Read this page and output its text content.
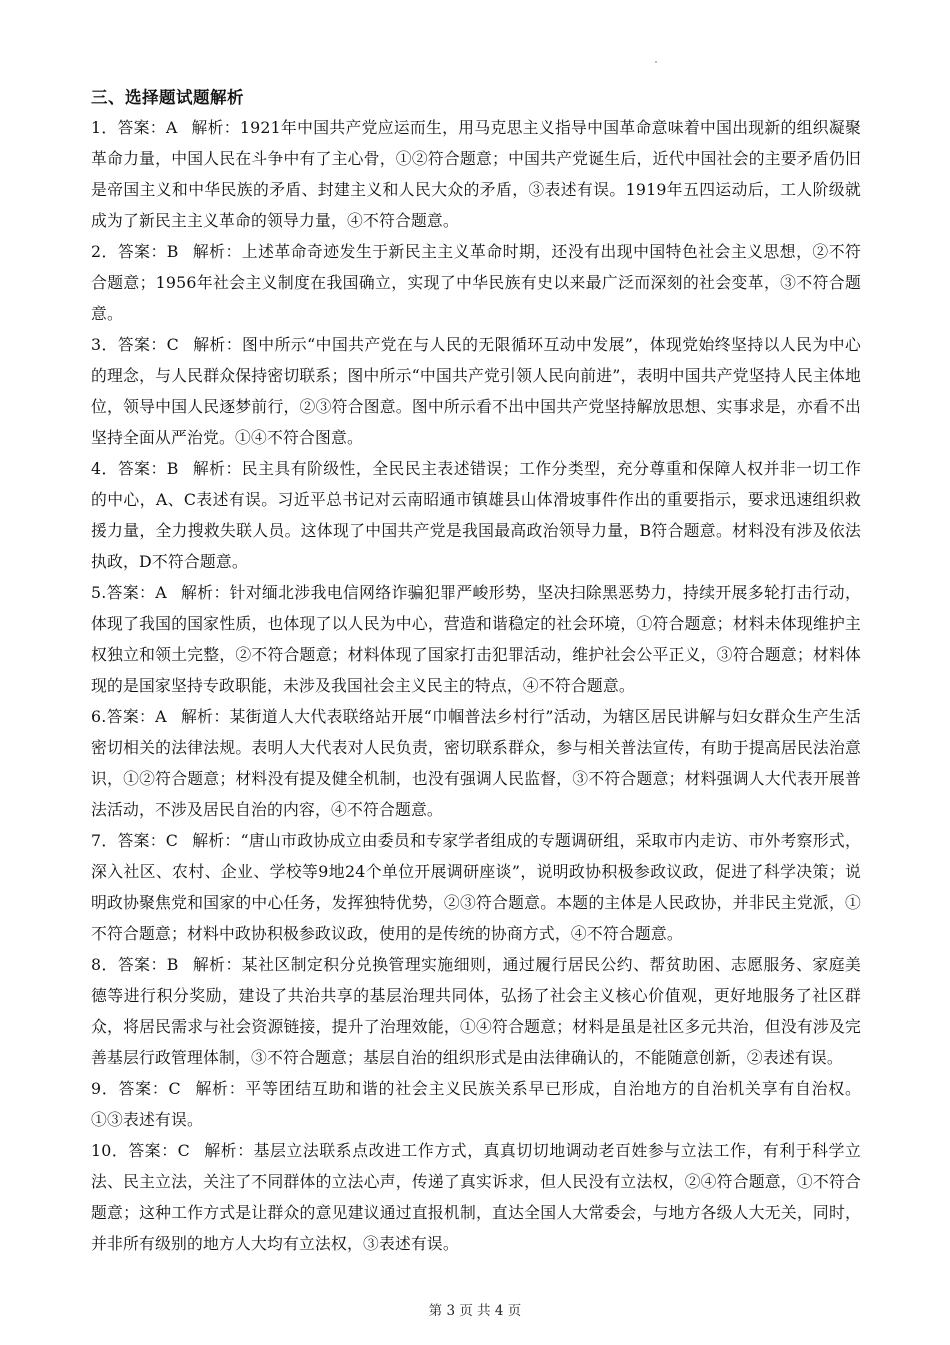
三、选择题试题解析

1．答案：A 解析：1921年中国共产党应运而生，用马克思主义指导中国革命意味着中国出现新的组织凝聚革命力量，中国人民在斗争中有了主心骨，①②符合题意；中国共产党诞生后，近代中国社会的主要矛盾仍旧是帝国主义和中华民族的矛盾、封建主义和人民大众的矛盾，③表述有误。1919年五四运动后，工人阶级就成为了新民主主义革命的领导力量，④不符合题意。

2．答案：B 解析：上述革命奇迹发生于新民主主义革命时期，还没有出现中国特色社会主义思想，②不符合题意；1956年社会主义制度在我国确立，实现了中华民族有史以来最广泛而深刻的社会变革，③不符合题意。

3．答案：C 解析：图中所示“中国共产党在与人民的无限循环互动中发展”，体现党始终坚持以人民为中心的理念，与人民群众保持密切联系；图中所示“中国共产党引领人民向前进”，表明中国共产党坚持人民主体地位，领导中国人民逐梦前行，②③符合图意。图中所示看不出中国共产党坚持解放思想、实事求是，亦看不出坚持全面从严治党。①④不符合图意。

4．答案：B 解析：民主具有阶级性，全民民主表述错误；工作分类型，充分尊重和保障人权并非一切工作的中心，A、C表述有误。习近平总书记对云南昭通市镇雄县山体滑坡事件作出的重要指示，要求迅速组织救援力量，全力搜救失联人员。这体现了中国共产党是我国最高政治领导力量，B符合题意。材料没有涉及依法执政，D不符合题意。

5.答案：A 解析：针对缅北涉我电信网络诈骗犯罪严峻形势，坚决扫除黑恶势力，持续开展多轮打击行动，体现了我国的国家性质，也体现了以人民为中心，营造和谐稳定的社会环境，①符合题意；材料未体现维护主权独立和领土完整，②不符合题意；材料体现了国家打击犯罪活动，维护社会公平正义，③符合题意；材料体现的是国家坚持专政职能，未涉及我国社会主义民主的特点，④不符合题意。

6.答案：A 解析：某街道人大代表联络站开展“巾帼普法乡村行”活动，为辖区居民讲解与妇女群众生产生活密切相关的法律法规。表明人大代表对人民负责，密切联系群众，参与相关普法宣传，有助于提高居民法治意识，①②符合题意；材料没有提及健全机制，也没有强调人民监督，③不符合题意；材料强调人大代表开展普法活动，不涉及居民自治的内容，④不符合题意。

7．答案：C 解析：“唐山市政协成立由委员和专家学者组成的专题调研组，采取市内走访、市外考察形式，深入社区、农村、企业、学校等9地24个单位开展调研座谈”，说明政协积极参政议政，促进了科学决策；说明政协聚焦党和国家的中心任务，发挥独特优势，②③符合题意。本题的主体是人民政协，并非民主党派，①不符合题意；材料中政协积极参政议政，使用的是传统的协商方式，④不符合题意。

8．答案：B 解析：某社区制定积分兑换管理实施细则，通过履行居民公约、帮贫助困、志愿服务、家庭美德等进行积分奖励，建设了共治共享的基层治理共同体，弘扬了社会主义核心价值观，更好地服务了社区群众，将居民需求与社会资源链接，提升了治理效能，①④符合题意；材料是虽是社区多元共治，但没有涉及完善基层行政管理体制，③不符合题意；基层自治的组织形式是由法律确认的，不能随意创新，②表述有误。

9．答案：C 解析：平等团结互助和谐的社会主义民族关系早已形成，自治地方的自治机关享有自治权。①③表述有误。

10．答案：C 解析：基层立法联系点改进工作方式，真真切切地调动老百姓参与立法工作，有利于科学立法、民主立法，关注了不同群体的立法心声，传递了真实诉求，但人民没有立法权，②④符合题意，①不符合题意；这种工作方式是让群众的意见建议通过直报机制，直达全国人大常委会，与地方各级人大无关，同时，并非所有级别的地方人大均有立法权，③表述有误。

第 3 页 共 4 页
